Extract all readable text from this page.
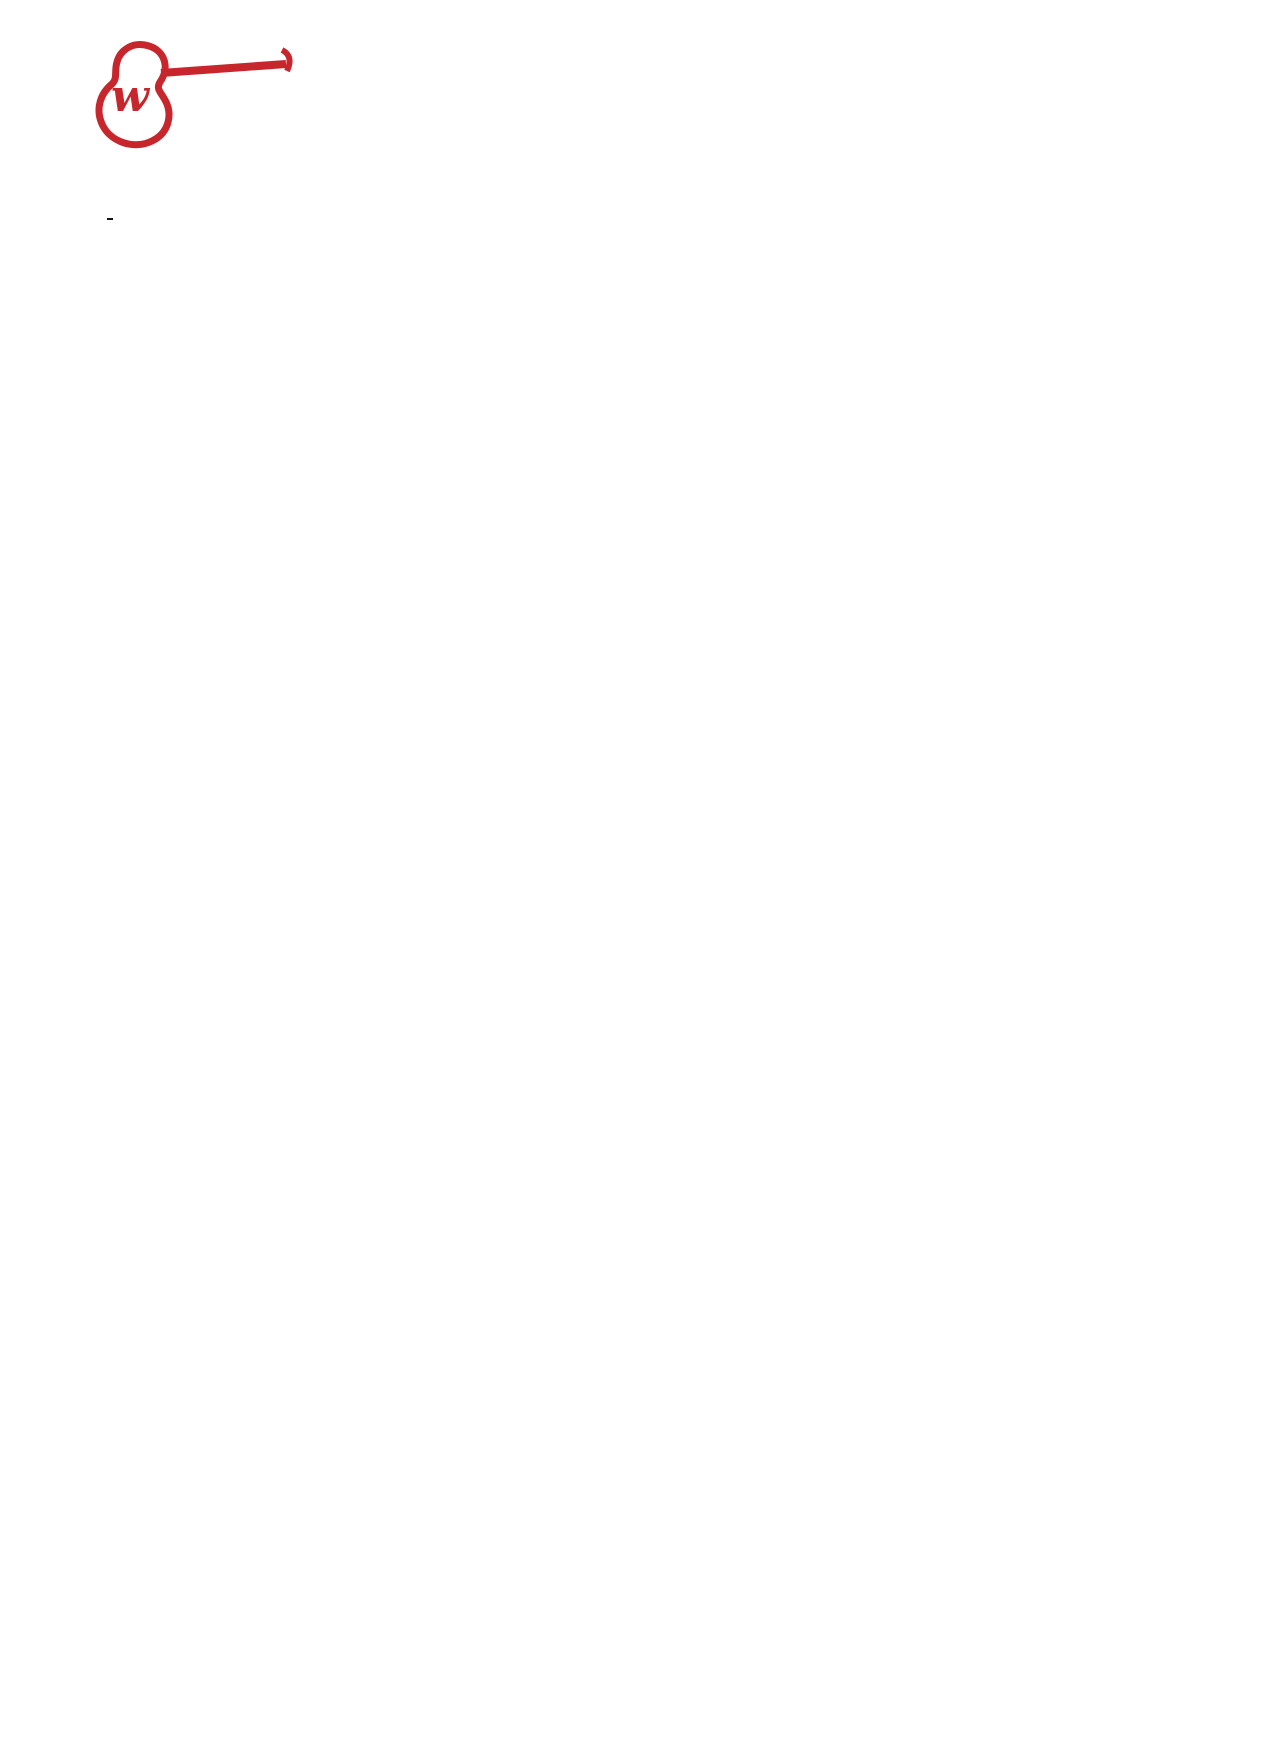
w
